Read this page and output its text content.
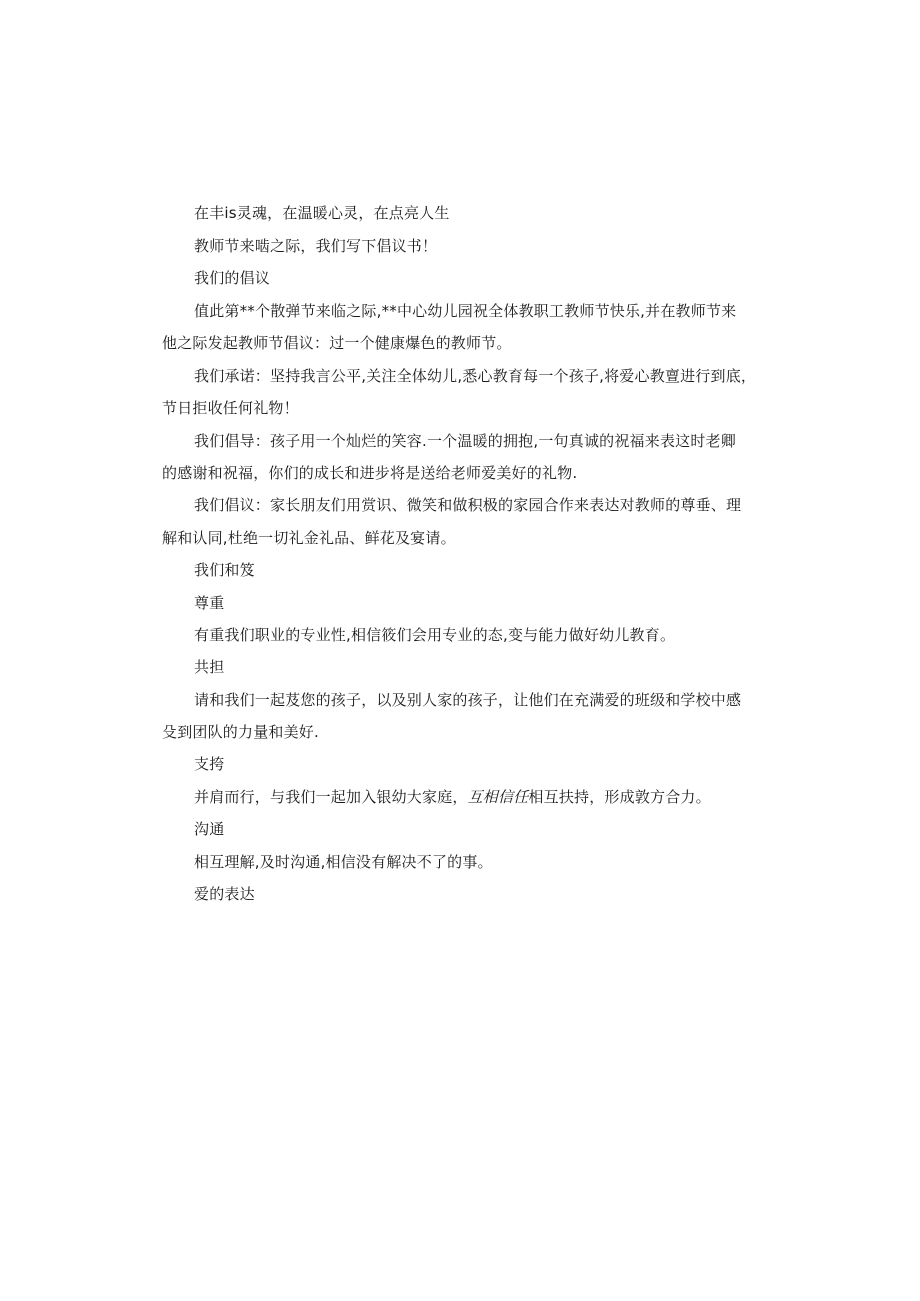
在丰is灵魂，在温暖心灵，在点亮人生
教师节来啮之际，我们写下倡议书！
我们的倡议
值此第**个散弹节来临之际,**中心幼儿园祝全体教职工教师节快乐,并在教师节来
他之际发起教师节倡议：过一个健康爆色的教师节。
我们承诺：坚持我言公平,关注全体幼儿,悉心教育每一个孩子,将爱心教亶进行到底，
节日拒收任何礼物！
我们倡导：孩子用一个灿烂的笑容.一个温暖的拥抱,一句真诚的祝福来表这时老卿
的感谢和祝福，你们的成长和进步将是送给老师爱美好的礼物.
我们倡议：家长朋友们用赏识、微笑和做积极的家园合作来表达对教师的尊垂、理
解和认同,杜绝一切礼金礼品、鲜花及宴请。
我们和笈
尊重
有重我们职业的专业性,相信筱们会用专业的态,变与能力做好幼儿教育。
共担
请和我们一起芨您的孩子，以及别人家的孩子，让他们在充满爱的班级和学校中感
殳到团队的力量和美好.
支挎
并肩而行，与我们一起加入银幼大家庭，互相信任相互扶持，形成敦方合力。
沟通
相互理解,及时沟通,相信没有解决不了的事。
爱的表达
